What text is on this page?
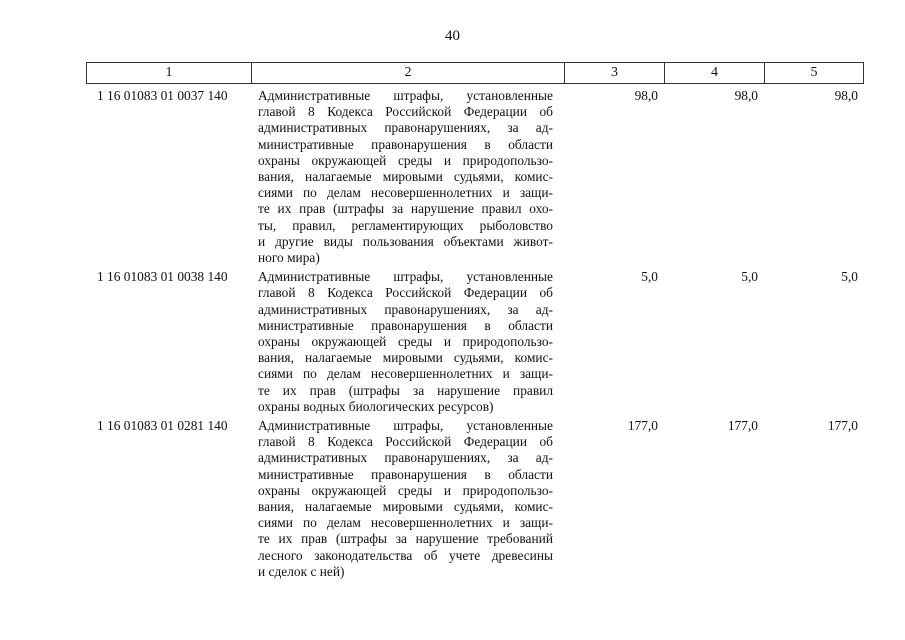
40
1	2	3	4	5
1 16 01083 01 0037 140	Административные штрафы, установленные
главой 8 Кодекса Российской Федерации об
административных правонарушениях, за ад-
министративные правонарушения в области
охраны окружающей среды и природопользо-
вания, налагаемые мировыми судьями, комис-
сиями по делам несовершеннолетних и защи-
те их прав (штрафы за нарушение правил охо-
ты, правил, регламентирующих рыболовство
и другие виды пользования объектами живот-
ного мира)
98,0	98,0	98,0
1 16 01083 01 0038 140	Административные штрафы, установленные
главой 8 Кодекса Российской Федерации об
административных правонарушениях, за ад-
министративные правонарушения в области
охраны окружающей среды и природопользо-
вания, налагаемые мировыми судьями, комис-
сиями по делам несовершеннолетних и защи-
те их прав (штрафы за нарушение правил
охраны водных биологических ресурсов)
5,0	5,0	5,0
1 16 01083 01 0281 140	Административные штрафы, установленные
главой 8 Кодекса Российской Федерации об
административных правонарушениях, за ад-
министративные правонарушения в области
охраны окружающей среды и природопользо-
вания, налагаемые мировыми судьями, комис-
сиями по делам несовершеннолетних и защи-
те их прав (штрафы за нарушение требований
лесного законодательства об учете древесины
и сделок с ней)
177,0	177,0	177,0
